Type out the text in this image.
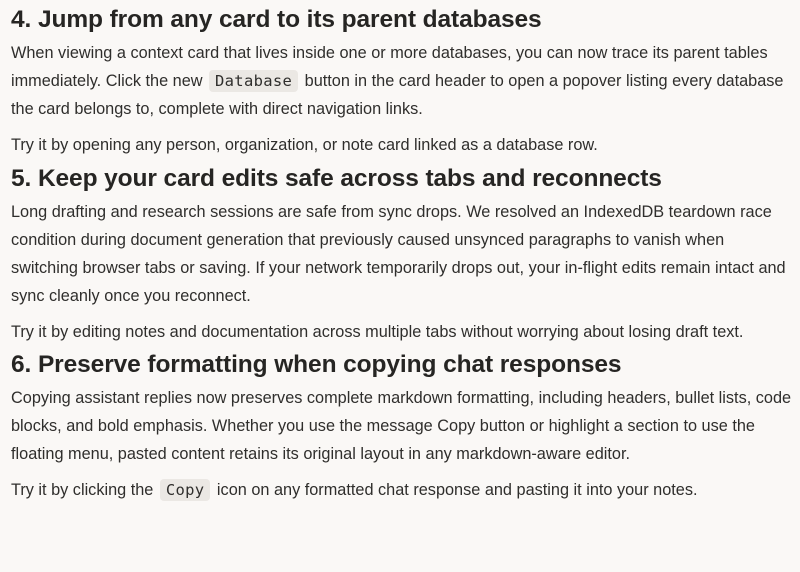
4. Jump from any card to its parent databases

When viewing a context card that lives inside one or more databases, you can now trace its parent tables immediately. Click the new Database button in the card header to open a popover listing every database the card belongs to, complete with direct navigation links.

Try it by opening any person, organization, or note card linked as a database row.

5. Keep your card edits safe across tabs and reconnects

Long drafting and research sessions are safe from sync drops. We resolved an IndexedDB teardown race condition during document generation that previously caused unsynced paragraphs to vanish when switching browser tabs or saving. If your network temporarily drops out, your in-flight edits remain intact and sync cleanly once you reconnect.

Try it by editing notes and documentation across multiple tabs without worrying about losing draft text.

6. Preserve formatting when copying chat responses

Copying assistant replies now preserves complete markdown formatting, including headers, bullet lists, code blocks, and bold emphasis. Whether you use the message Copy button or highlight a section to use the floating menu, pasted content retains its original layout in any markdown-aware editor.

Try it by clicking the Copy icon on any formatted chat response and pasting it into your notes.
